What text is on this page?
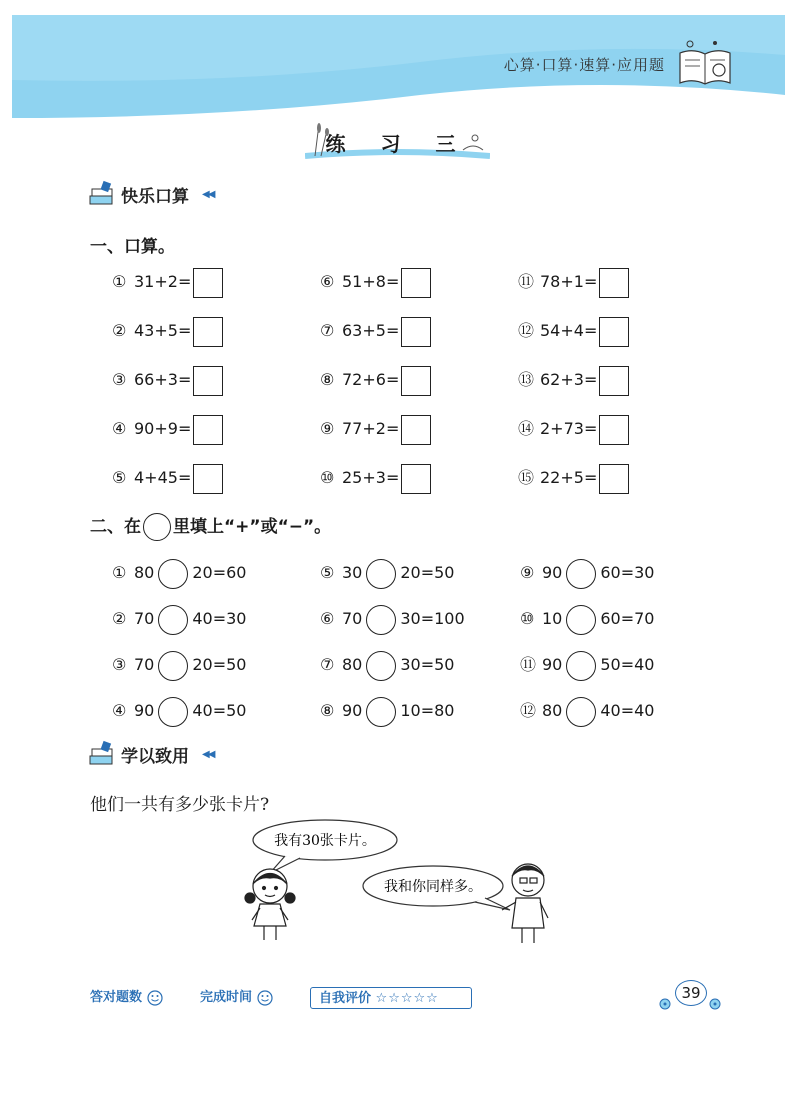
心算·口算·速算·应用题
练 习 三
快乐口算 ◀◀
一、口算。
① 31+2=
② 43+5=
③ 66+3=
④ 90+9=
⑤ 4+45=
⑥ 51+8=
⑦ 63+5=
⑧ 72+6=
⑨ 77+2=
⑩ 25+3=
⑪ 78+1=
⑫ 54+4=
⑬ 62+3=
⑭ 2+73=
⑮ 22+5=
二、在 里填上“+”或“−”。
① 80 20=60
② 70 40=30
③ 70 20=50
④ 90 40=50
⑤ 30 20=50
⑥ 70 30=100
⑦ 80 30=50
⑧ 90 10=80
⑨ 90 60=30
⑩ 10 60=70
⑪ 90 50=40
⑫ 80 40=40
学以致用 ◀◀
他们一共有多少张卡片?
我有30张卡片。
我和你同样多。
答对题数	完成时间	自我评价 ☆☆☆☆☆	39
